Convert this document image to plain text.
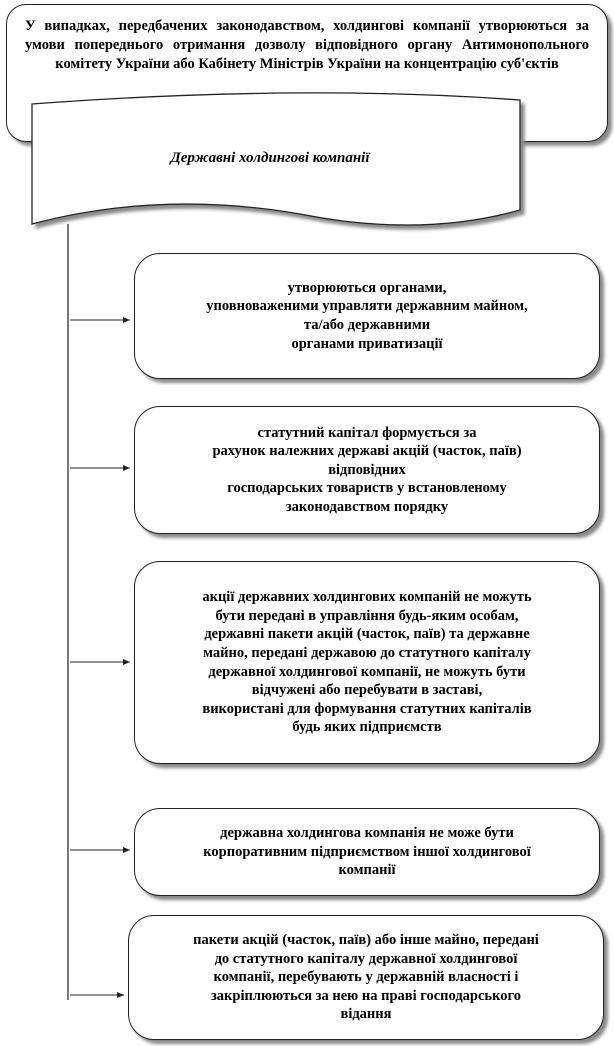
У випадках, передбачених законодавством, холдингові компанії утворюються за умови попереднього отримання дозволу відповідного органу Антимонопольного комітету України або Кабінету Міністрів України на концентрацію суб'єктів
Державні холдингові компанії
утворюються органами,
уповноваженими управляти державним майном,
та/або державними
органами приватизації
статутний капітал формується за
рахунок належних державі акцій (часток, паїв)
відповідних
господарських товариств у встановленому
законодавством порядку
акції державних холдингових компаній не можуть
бути передані в управління будь-яким особам,
державні пакети акцій (часток, паїв) та державне
майно, передані державою до статутного капіталу
державної холдингової компанії, не можуть бути
відчужені або перебувати в заставі,
використані для формування статутних капіталів
будь яких підприємств
державна холдингова компанія не може бути
корпоративним підприємством іншої холдингової
компанії
пакети акцій (часток, паїв) або інше майно, передані
до статутного капіталу державної холдингової
компанії, перебувають у державній власності і
закріплюються за нею на праві господарського
відання
